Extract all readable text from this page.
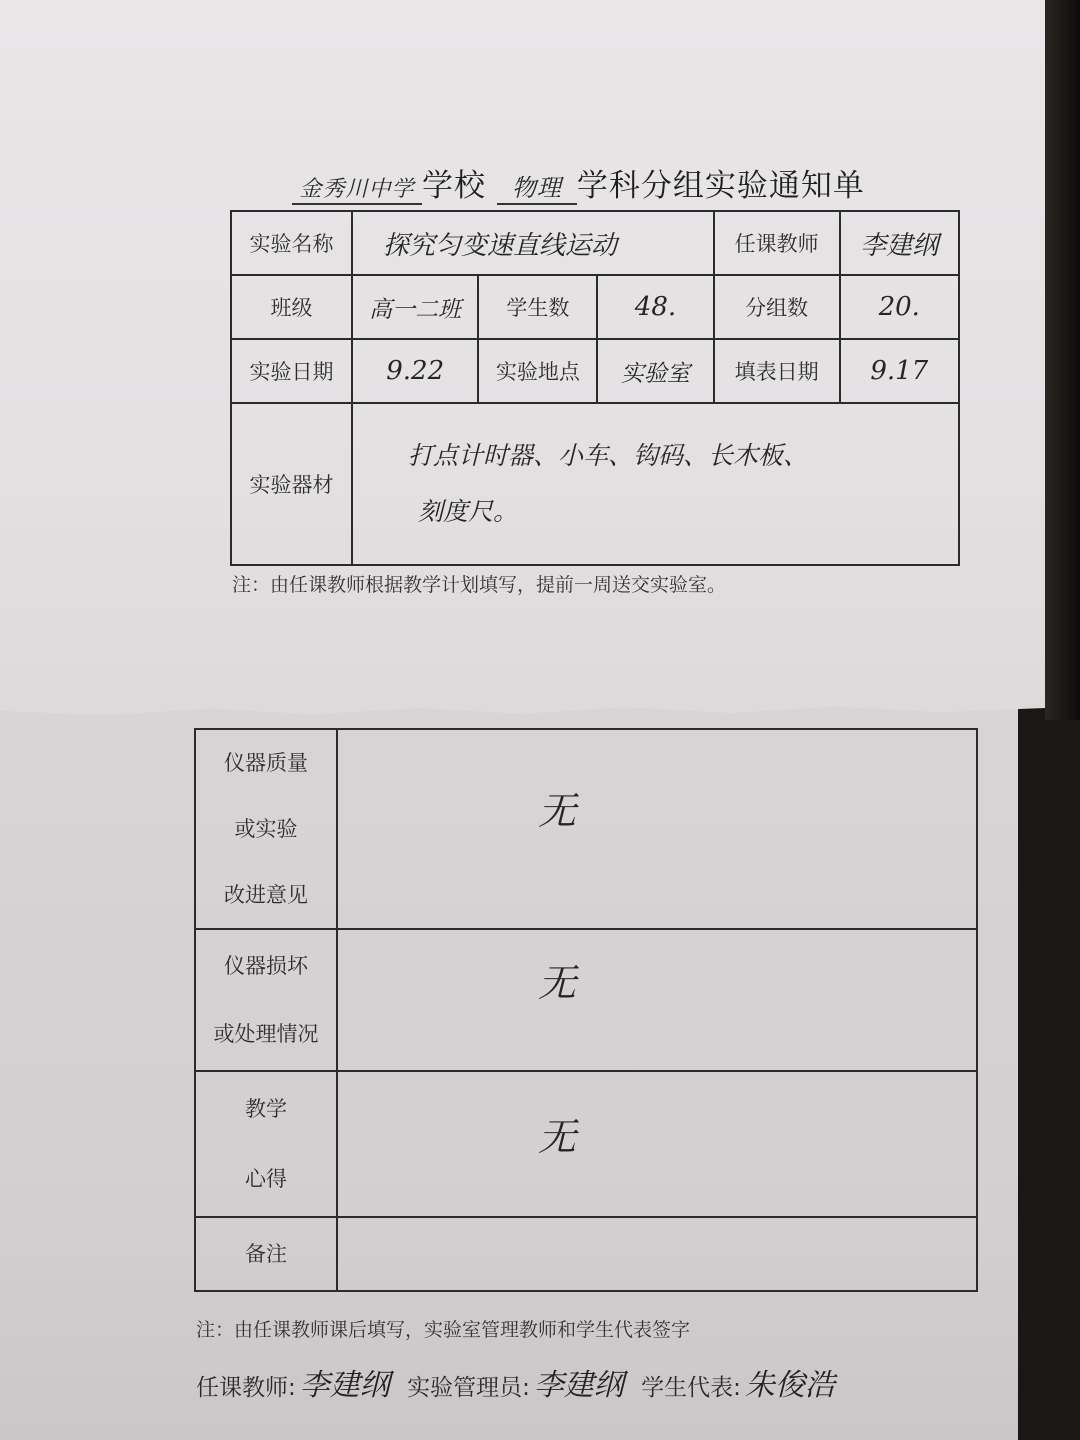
金秀川中学 学校 物理 学科分组实验通知单
实验名称	探究匀变速直线运动			任课教师	李建纲
班级	高一二班	学生数	48.	分组数	20.
实验日期	9.22	实验地点	实验室	填表日期	9.17
实验器材	打点计时器、小车、钩码、长木板、
刻度尺。				
注：由任课教师根据教学计划填写，提前一周送交实验室。
仪器质量
或实验
改进意见	无

仪器损坏
或处理情况	无

教学
心得	无
备注	
注：由任课教师课后填写，实验室管理教师和学生代表签字
任课教师: 李建纲 实验管理员: 李建纲 学生代表: 朱俊浩
